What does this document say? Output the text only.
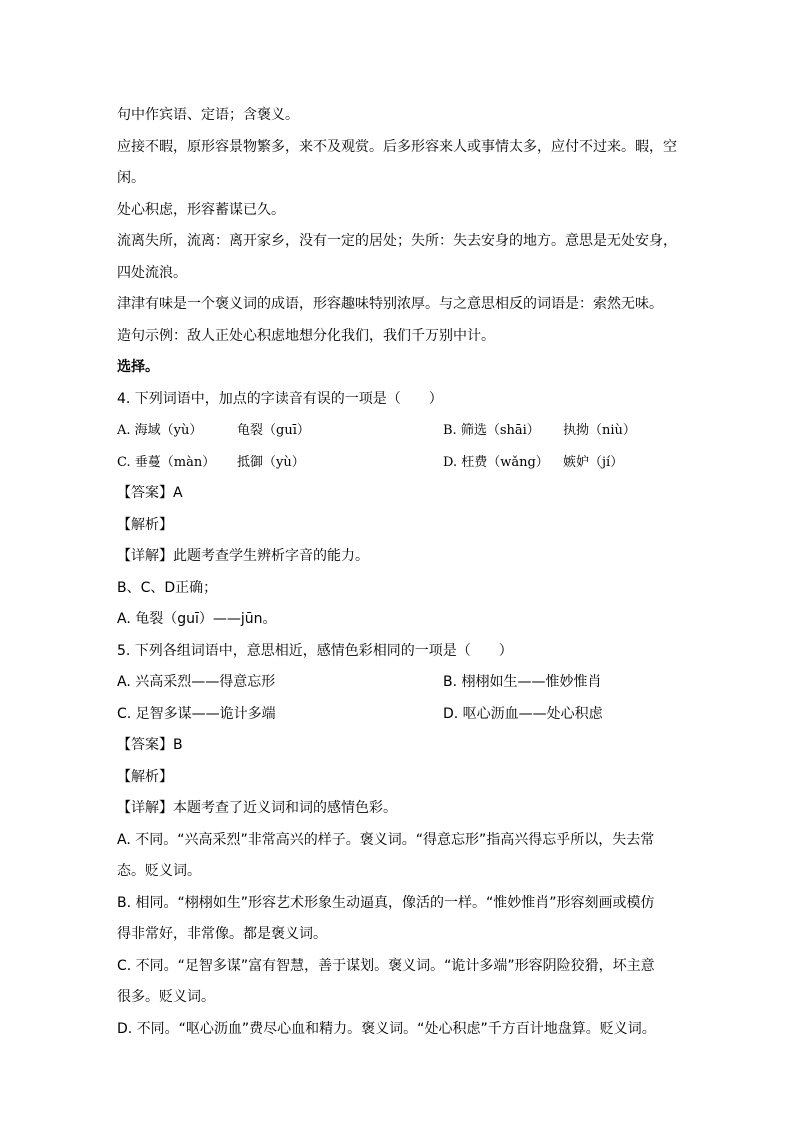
句中作宾语、定语；含褒义。
应接不暇，原形容景物繁多，来不及观赏。后多形容来人或事情太多，应付不过来。暇，空
闲。
处心积虑，形容蓄谋已久。
流离失所，流离：离开家乡，没有一定的居处；失所：失去安身的地方。意思是无处安身，
四处流浪。
津津有味是一个褒义词的成语，形容趣味特别浓厚。与之意思相反的词语是：索然无味。
造句示例：敌人正处心积虑地想分化我们，我们千万别中计。
选择。
4. 下列词语中，加点的字读音有误的一项是（　　）
A. 海域（yù）	龟裂（guī）	B. 筛选（shāi）	执拗（niù）
C. 垂蔓（màn）	抵御（yù）	D. 枉费（wǎng）	嫉妒（jí）
【答案】A
【解析】
【详解】此题考查学生辨析字音的能力。
B、C、D正确；
A. 龟裂（guī）——jūn。
5. 下列各组词语中，意思相近，感情色彩相同的一项是（　　）
A. 兴高采烈——得意忘形	B. 栩栩如生——惟妙惟肖
C. 足智多谋——诡计多端	D. 呕心沥血——处心积虑
【答案】B
【解析】
【详解】本题考查了近义词和词的感情色彩。
A. 不同。“兴高采烈”非常高兴的样子。褒义词。“得意忘形”指高兴得忘乎所以，失去常
态。贬义词。
B. 相同。“栩栩如生”形容艺术形象生动逼真，像活的一样。“惟妙惟肖”形容刻画或模仿
得非常好，非常像。都是褒义词。
C. 不同。“足智多谋”富有智慧，善于谋划。褒义词。“诡计多端”形容阴险狡猾，坏主意
很多。贬义词。
D. 不同。“呕心沥血”费尽心血和精力。褒义词。“处心积虑”千方百计地盘算。贬义词。
